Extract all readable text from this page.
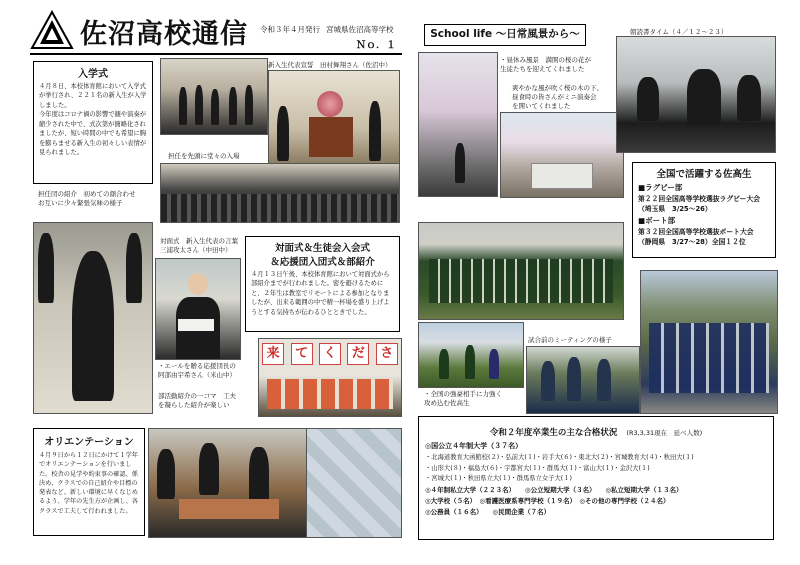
佐沼高校通信 令和３年４月発行 宮城県佐沼高等学校
Ｎｏ．１
入学式
４月８日、本校体育館において入学式が挙行され、２２１名の新入生が入学しました。
今年度はコロナ禍の影響で観や演奏が縮少された中で、式次第が簡略化されましたが、短い時間の中でも希望に胸を膨らませる新入生の初々しい表情が見られました。
担任団の紹介　初めての顔合わせ
お互いに少々緊張気味の様子
新入生代表宣誓　田村舞翔さん（佐沼中）
担任を先頭に堂々の入場
対面式　新入生代表の言葉
三浦攻太さん（中田中）
・エールを贈る応援団長の
阿部由宇希さん（米山中）
部活動紹介の一コマ　工夫
を凝らした紹介が楽しい
対面式＆生徒会入会式
＆応援団入団式＆部紹介
４月１３日午後、本校体育館において対面式から部紹介までが行われました。密を避けるためにと、２年生は教室でリモートによる参加となりましたが、出来る範囲の中で精一杯場を盛り上げようとする気持ちが伝わるひとときでした。
来	て	く	だ	さ
オリエンテーション
４月９日から１２日にかけて１学年でオリエンテーションを行いました。校舎の見学や約束事の確認、係決め、クラスでの自己紹介や目標の発表など、新しい環境に早くなじめるよう、学年の先生方が企画し、各クラスで工夫して行われました。
School life ～日常風景から～	朝読書タイム（４／１２〜２３）
・昼休み風景　満開の桜の花が
生徒たちを迎えてくれました
爽やかな風が吹く桜の木の下、
昼食時の皆さんがミニ演奏会
を開いてくれました
全国で活躍する佐高生
■ラグビー部
第２２回全国高等学校選抜ラグビー大会
（埼玉県　3/25〜26）
■ボート部
第３２回全国高等学校選抜ボート大会
（静岡県　3/27〜28）全国１２位
・全国の強豪相手に力強く
攻め込む佐高生
試合前のミーティングの様子
令和２年度卒業生の主な合格状況 (R3,3,31現在　延べ人数)
◎国公立４年制大学（３７名）
・北海道教育大函館校(２)・弘前大(１)・岩手大(６)・東北大(２)・宮城教育大(４)・秋田大(１)
・山形大(８)・福島大(６)・宇都宮大(１)・群馬大(１)・富山大(１)・金沢大(１)
・宮城大(１)・秋田県立大(１)・群馬県立女子大(１)
◎４年制私立大学（２２３名）　　◎公立短期大学（３名）　　◎私立短期大学（１３名）
◎大学校（５名）　◎看護医療系専門学校（１９名）　◎その他の専門学校（２４名）
◎公務員（１６名）　　◎民間企業（７名）
